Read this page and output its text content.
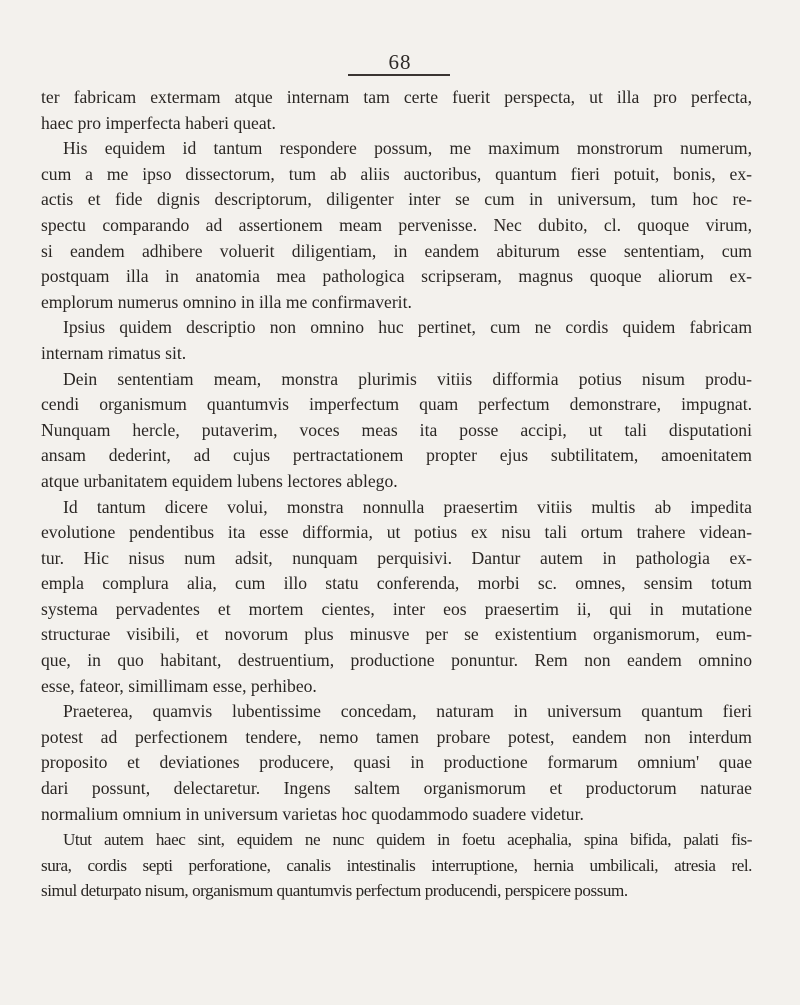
68
ter fabricam extermam atque internam tam certe fuerit perspecta, ut illa pro perfecta,
haec pro imperfecta haberi queat.
His equidem id tantum respondere possum, me maximum monstrorum numerum,
cum a me ipso dissectorum, tum ab aliis auctoribus, quantum fieri potuit, bonis, ex-
actis et fide dignis descriptorum, diligenter inter se cum in universum, tum hoc re-
spectu comparando ad assertionem meam pervenisse. Nec dubito, cl. quoque virum,
si eandem adhibere voluerit diligentiam, in eandem abiturum esse sententiam, cum
postquam illa in anatomia mea pathologica scripseram, magnus quoque aliorum ex-
emplorum numerus omnino in illa me confirmaverit.
Ipsius quidem descriptio non omnino huc pertinet, cum ne cordis quidem fabricam
internam rimatus sit.
Dein sententiam meam, monstra plurimis vitiis difformia potius nisum produ-
cendi organismum quantumvis imperfectum quam perfectum demonstrare, impugnat.
Nunquam hercle, putaverim, voces meas ita posse accipi, ut tali disputationi
ansam dederint, ad cujus pertractationem propter ejus subtilitatem, amoenitatem
atque urbanitatem equidem lubens lectores ablego.
Id tantum dicere volui, monstra nonnulla praesertim vitiis multis ab impedita
evolutione pendentibus ita esse difformia, ut potius ex nisu tali ortum trahere videan-
tur. Hic nisus num adsit, nunquam perquisivi. Dantur autem in pathologia ex-
empla complura alia, cum illo statu conferenda, morbi sc. omnes, sensim totum
systema pervadentes et mortem cientes, inter eos praesertim ii, qui in mutatione
structurae visibili, et novorum plus minusve per se existentium organismorum, eum-
que, in quo habitant, destruentium, productione ponuntur. Rem non eandem omnino
esse, fateor, simillimam esse, perhibeo.
Praeterea, quamvis lubentissime concedam, naturam in universum quantum fieri
potest ad perfectionem tendere, nemo tamen probare potest, eandem non interdum
proposito et deviationes producere, quasi in productione formarum omnium' quae
dari possunt, delectaretur. Ingens saltem organismorum et productorum naturae
normalium omnium in universum varietas hoc quodammodo suadere videtur.
Utut autem haec sint, equidem ne nunc quidem in foetu acephalia, spina bifida, palati fis-
sura, cordis septi perforatione, canalis intestinalis interruptione, hernia umbilicali, atresia rel.
simul deturpato nisum, organismum quantumvis perfectum producendi, perspicere possum.
